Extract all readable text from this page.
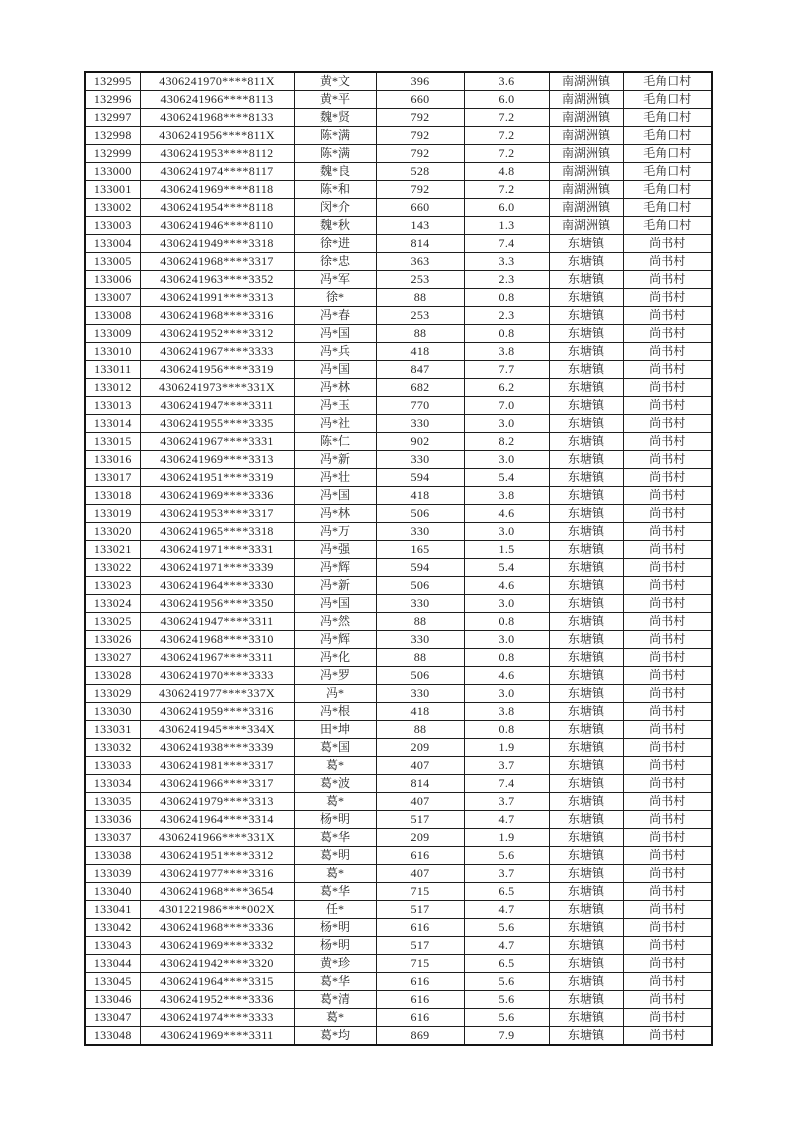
132995	4306241970****811X	黄*文	396	3.6	南湖洲镇	毛角口村
132996	4306241966****8113	黄*平	660	6.0	南湖洲镇	毛角口村
132997	4306241968****8133	魏*贤	792	7.2	南湖洲镇	毛角口村
132998	4306241956****811X	陈*满	792	7.2	南湖洲镇	毛角口村
132999	4306241953****8112	陈*满	792	7.2	南湖洲镇	毛角口村
133000	4306241974****8117	魏*良	528	4.8	南湖洲镇	毛角口村
133001	4306241969****8118	陈*和	792	7.2	南湖洲镇	毛角口村
133002	4306241954****8118	闵*介	660	6.0	南湖洲镇	毛角口村
133003	4306241946****8110	魏*秋	143	1.3	南湖洲镇	毛角口村
133004	4306241949****3318	徐*进	814	7.4	东塘镇	尚书村
133005	4306241968****3317	徐*忠	363	3.3	东塘镇	尚书村
133006	4306241963****3352	冯*军	253	2.3	东塘镇	尚书村
133007	4306241991****3313	徐*	88	0.8	东塘镇	尚书村
133008	4306241968****3316	冯*春	253	2.3	东塘镇	尚书村
133009	4306241952****3312	冯*国	88	0.8	东塘镇	尚书村
133010	4306241967****3333	冯*兵	418	3.8	东塘镇	尚书村
133011	4306241956****3319	冯*国	847	7.7	东塘镇	尚书村
133012	4306241973****331X	冯*林	682	6.2	东塘镇	尚书村
133013	4306241947****3311	冯*玉	770	7.0	东塘镇	尚书村
133014	4306241955****3335	冯*社	330	3.0	东塘镇	尚书村
133015	4306241967****3331	陈*仁	902	8.2	东塘镇	尚书村
133016	4306241969****3313	冯*新	330	3.0	东塘镇	尚书村
133017	4306241951****3319	冯*壮	594	5.4	东塘镇	尚书村
133018	4306241969****3336	冯*国	418	3.8	东塘镇	尚书村
133019	4306241953****3317	冯*林	506	4.6	东塘镇	尚书村
133020	4306241965****3318	冯*万	330	3.0	东塘镇	尚书村
133021	4306241971****3331	冯*强	165	1.5	东塘镇	尚书村
133022	4306241971****3339	冯*辉	594	5.4	东塘镇	尚书村
133023	4306241964****3330	冯*新	506	4.6	东塘镇	尚书村
133024	4306241956****3350	冯*国	330	3.0	东塘镇	尚书村
133025	4306241947****3311	冯*然	88	0.8	东塘镇	尚书村
133026	4306241968****3310	冯*辉	330	3.0	东塘镇	尚书村
133027	4306241967****3311	冯*化	88	0.8	东塘镇	尚书村
133028	4306241970****3333	冯*罗	506	4.6	东塘镇	尚书村
133029	4306241977****337X	冯*	330	3.0	东塘镇	尚书村
133030	4306241959****3316	冯*根	418	3.8	东塘镇	尚书村
133031	4306241945****334X	田*坤	88	0.8	东塘镇	尚书村
133032	4306241938****3339	葛*国	209	1.9	东塘镇	尚书村
133033	4306241981****3317	葛*	407	3.7	东塘镇	尚书村
133034	4306241966****3317	葛*波	814	7.4	东塘镇	尚书村
133035	4306241979****3313	葛*	407	3.7	东塘镇	尚书村
133036	4306241964****3314	杨*明	517	4.7	东塘镇	尚书村
133037	4306241966****331X	葛*华	209	1.9	东塘镇	尚书村
133038	4306241951****3312	葛*明	616	5.6	东塘镇	尚书村
133039	4306241977****3316	葛*	407	3.7	东塘镇	尚书村
133040	4306241968****3654	葛*华	715	6.5	东塘镇	尚书村
133041	4301221986****002X	任*	517	4.7	东塘镇	尚书村
133042	4306241968****3336	杨*明	616	5.6	东塘镇	尚书村
133043	4306241969****3332	杨*明	517	4.7	东塘镇	尚书村
133044	4306241942****3320	黄*珍	715	6.5	东塘镇	尚书村
133045	4306241964****3315	葛*华	616	5.6	东塘镇	尚书村
133046	4306241952****3336	葛*清	616	5.6	东塘镇	尚书村
133047	4306241974****3333	葛*	616	5.6	东塘镇	尚书村
133048	4306241969****3311	葛*均	869	7.9	东塘镇	尚书村
